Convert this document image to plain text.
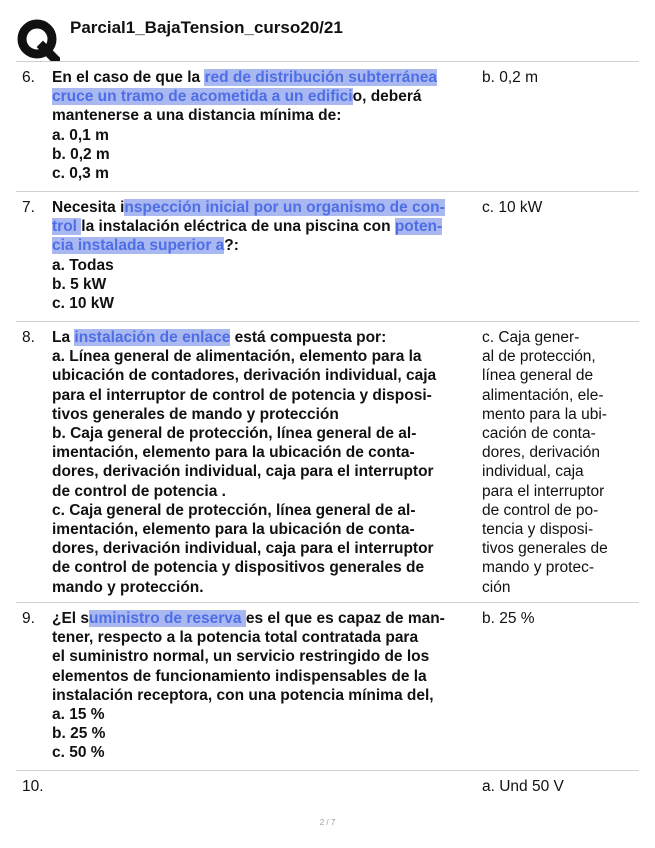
Parcial1_BajaTension_curso20/21
6. En el caso de que la red de distribución subterránea
cruce un tramo de acometida a un edificio, deberá
mantenerse a una distancia mínima de:
a. 0,1 m
b. 0,2 m
c. 0,3 m
b. 0,2 m
7. Necesita inspección inicial por un organismo de con-
trol la instalación eléctrica de una piscina con poten-
cia instalada superior a?:
a. Todas
b. 5 kW
c. 10 kW
c. 10 kW
8. La instalación de enlace está compuesta por:
a. Línea general de alimentación, elemento para la
ubicación de contadores, derivación individual, caja
para el interruptor de control de potencia y disposi-
tivos generales de mando y protección
b. Caja general de protección, línea general de al-
imentación, elemento para la ubicación de conta-
dores, derivación individual, caja para el interruptor
de control de potencia .
c. Caja general de protección, línea general de al-
imentación, elemento para la ubicación de conta-
dores, derivación individual, caja para el interruptor
de control de potencia y dispositivos generales de
mando y protección.
c. Caja gener-
al de protección,
línea general de
alimentación, ele-
mento para la ubi-
cación de conta-
dores, derivación
individual, caja
para el interruptor
de control de po-
tencia y disposi-
tivos generales de
mando y protec-
ción
9. ¿El suministro de reserva es el que es capaz de man-
tener, respecto a la potencia total contratada para
el suministro normal, un servicio restringido de los
elementos de funcionamiento indispensables de la
instalación receptora, con una potencia mínima del,
a. 15 %
b. 25 %
c. 50 %
b. 25 %
10.	a. Und 50 V
2 / 7
